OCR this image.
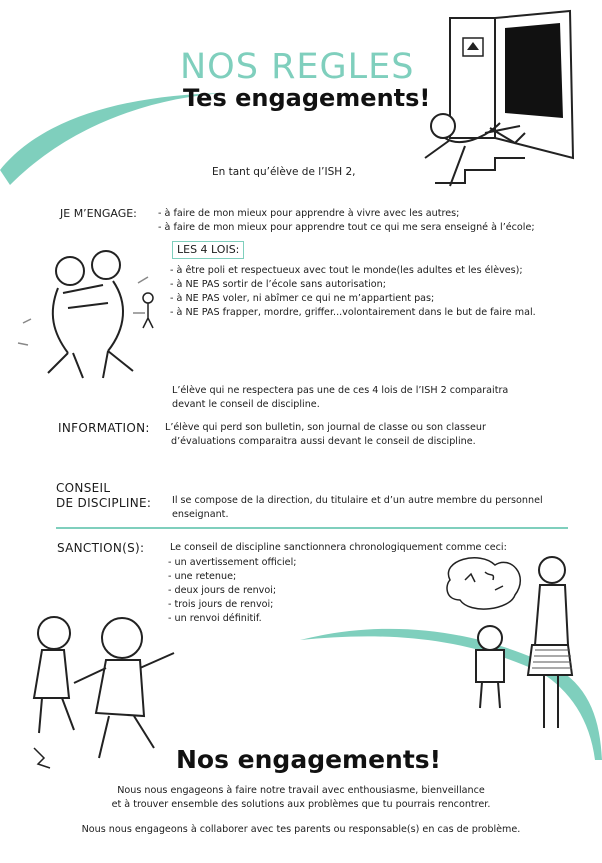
NOS REGLES
Tes engagements!
En tant qu’élève de l’ISH 2,
JE M’ENGAGE: - à faire de mon mieux pour apprendre à vivre avec les autres;
- à faire de mon mieux pour apprendre tout ce qui me sera enseigné à l’école;
LES 4 LOIS:
- à être poli et respectueux avec tout le monde(les adultes et les élèves);
- à NE PAS sortir de l’école sans autorisation;
- à NE PAS voler, ni abîmer ce qui ne m’appartient pas;
- à NE PAS frapper, mordre, griffer...volontairement dans le but de faire mal.
L’élève qui ne respectera pas une de ces 4 lois de l’ISH 2 comparaitra
devant le conseil de discipline.
INFORMATION: L’élève qui perd son bulletin, son journal de classe ou son classeur
d’évaluations comparaitra aussi devant le conseil de discipline.
CONSEIL
DE DISCIPLINE: Il se compose de la direction, du titulaire et d’un autre membre du personnel
enseignant.
SANCTION(S):	Le conseil de discipline sanctionnera chronologiquement comme ceci:
- un avertissement officiel;
- une retenue;
- deux jours de renvoi;
- trois jours de renvoi;
- un renvoi définitif.
Nos engagements!
Nous nous engageons à faire notre travail avec enthousiasme, bienveillance
et à trouver ensemble des solutions aux problèmes que tu pourrais rencontrer.
Nous nous engageons à collaborer avec tes parents ou responsable(s) en cas de problème.
